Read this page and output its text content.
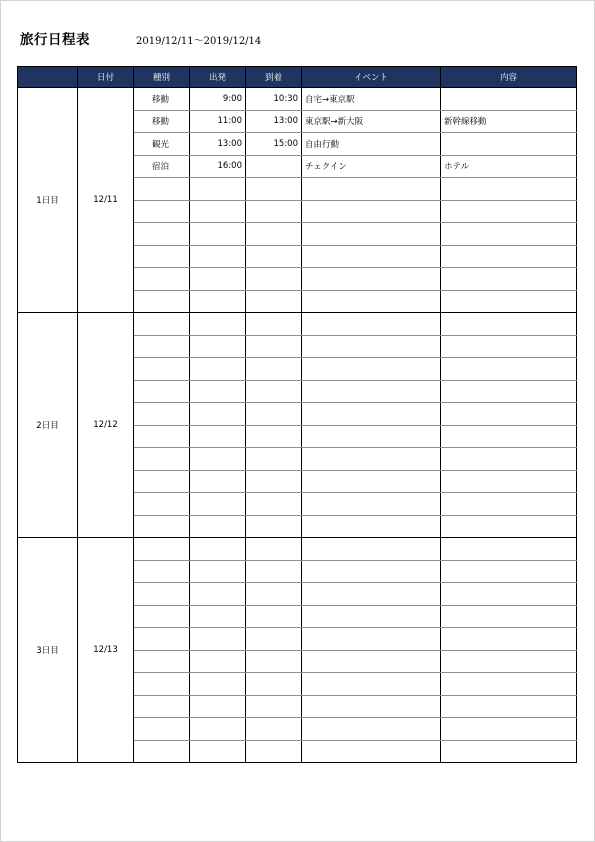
旅行日程表	2019/12/11～2019/12/14
	日付	種別	出発	到着	イベント	内容
1日目	12/11	移動	9:00	10:30	自宅→東京駅	
		移動	11:00	13:00	東京駅→新大阪	新幹線移動
		観光	13:00	15:00	自由行動	
		宿泊	16:00		チェクイン	ホテル

2日目	12/12					

3日目	12/13					
